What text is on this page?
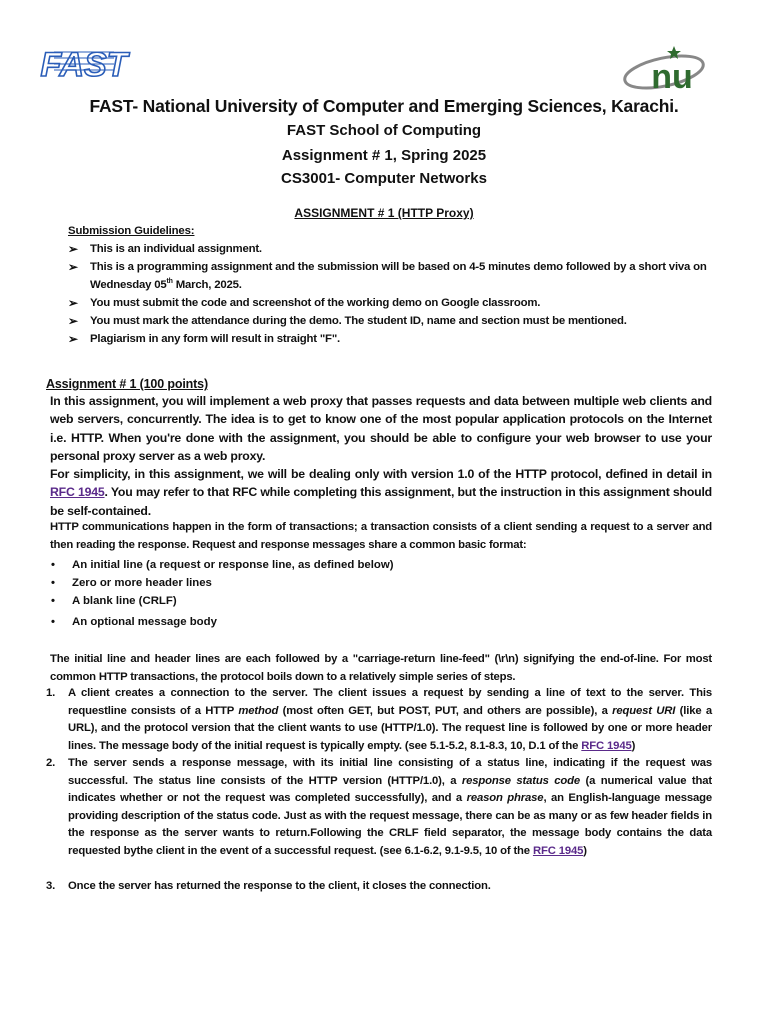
FAST	nu
FAST- National University of Computer and Emerging Sciences, Karachi.
FAST School of Computing
Assignment # 1, Spring 2025
CS3001- Computer Networks
ASSIGNMENT # 1 (HTTP Proxy)
Submission Guidelines:
➢ This is an individual assignment.
➢ This is a programming assignment and the submission will be based on 4-5 minutes demo followed by a short viva on Wednesday 05th March, 2025.
➢ You must submit the code and screenshot of the working demo on Google classroom.
➢ You must mark the attendance during the demo. The student ID, name and section must be mentioned.
➢ Plagiarism in any form will result in straight "F".
Assignment # 1 (100 points)
In this assignment, you will implement a web proxy that passes requests and data between multiple web clients and web servers, concurrently. The idea is to get to know one of the most popular application protocols on the Internet i.e. HTTP. When you're done with the assignment, you should be able to configure your web browser to use your personal proxy server as a web proxy.
For simplicity, in this assignment, we will be dealing only with version 1.0 of the HTTP protocol, defined in detail in RFC 1945. You may refer to that RFC while completing this assignment, but the instruction in this assignment should be self-contained.
HTTP communications happen in the form of transactions; a transaction consists of a client sending a request to a server and then reading the response. Request and response messages share a common basic format:
• An initial line (a request or response line, as defined below)
• Zero or more header lines
• A blank line (CRLF)
• An optional message body
The initial line and header lines are each followed by a "carriage-return line-feed" (\r\n) signifying the end-of-line. For most common HTTP transactions, the protocol boils down to a relatively simple series of steps.
1. A client creates a connection to the server. The client issues a request by sending a line of text to the server. This requestline consists of a HTTP method (most often GET, but POST, PUT, and others are possible), a request URI (like a URL), and the protocol version that the client wants to use (HTTP/1.0). The request line is followed by one or more header lines. The message body of the initial request is typically empty. (see 5.1-5.2, 8.1-8.3, 10, D.1 of the RFC 1945)
2. The server sends a response message, with its initial line consisting of a status line, indicating if the request was successful. The status line consists of the HTTP version (HTTP/1.0), a response status code (a numerical value that indicates whether or not the request was completed successfully), and a reason phrase, an English-language message providing description of the status code. Just as with the request message, there can be as many or as few header fields in the response as the server wants to return.Following the CRLF field separator, the message body contains the data requested bythe client in the event of a successful request. (see 6.1-6.2, 9.1-9.5, 10 of the RFC 1945)
3. Once the server has returned the response to the client, it closes the connection.
